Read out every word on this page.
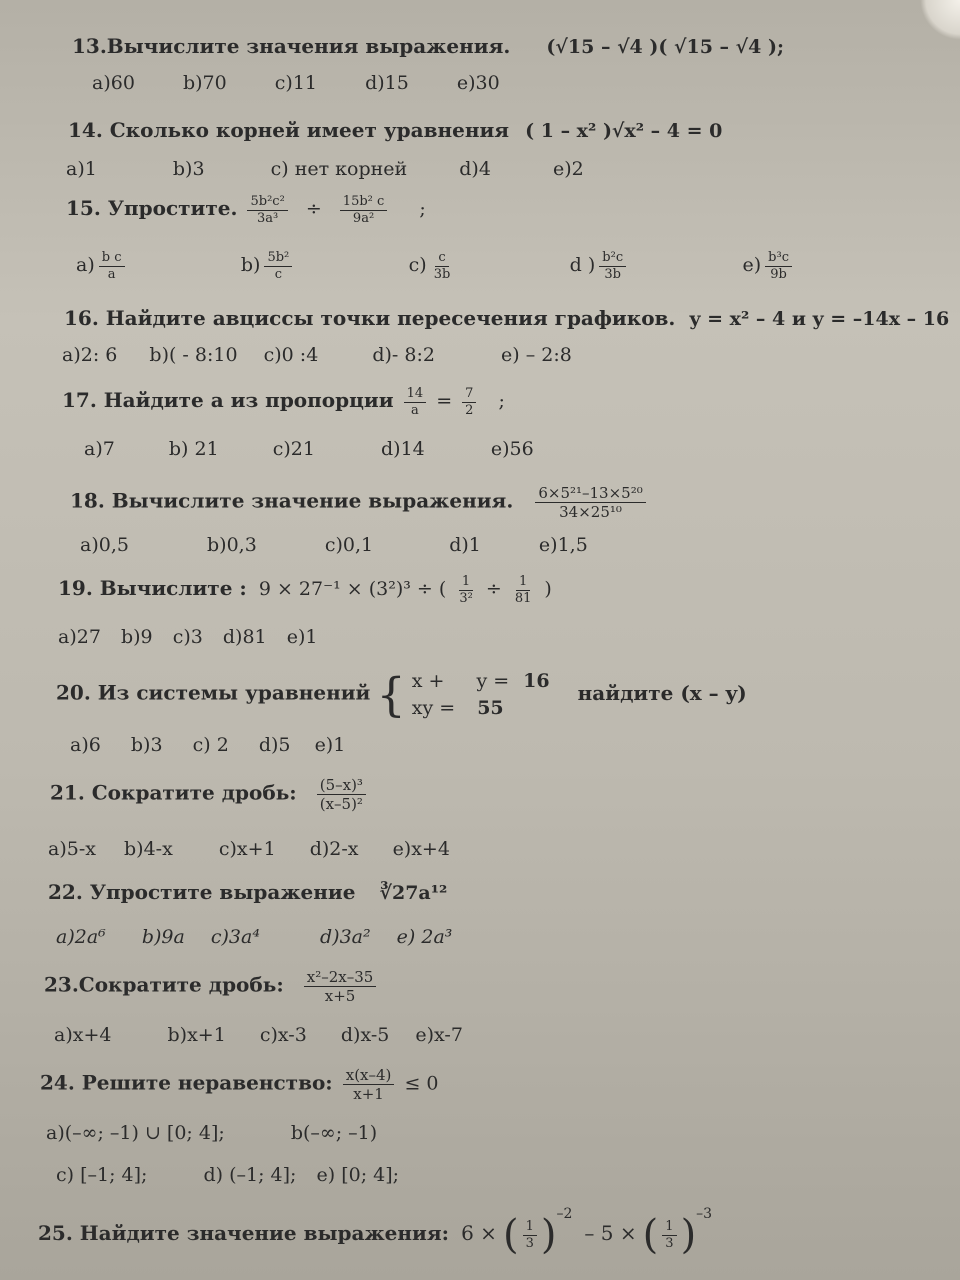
13.Вычислите значения выражения. (√15 – √4 )( √15 – √4 );
a)60	b)70	c)11	d)15	e)30
14. Сколько корней имеет уравнения ( 1 – x² )√x² – 4 = 0
a)1	b)3	c) нет корней	d)4	e)2
15. Упростите. $\frac{\text{5b²c²}}{\text{3a³}} \div \frac{\text{15b² c}}{\text{9a²}}$ ;
$a) \frac{\text{b c}}{a}$	$b) \frac{\text{5b²}}{c}$	$c) \frac{c}{3b}$	d ) $\frac{\text{b²c}}{3b}$	$e) \frac{\text{b³c}}{9b}$
16. Найдите авциссы точки пересечения графиков. y = x² – 4 и y = –14x – 16
a)2: 6 b)( - 8:10 c)0 :4	d)- 8:2	e) – 2:8
17. Найдите a из пропорции $\frac{14}{a} = \frac{7}{2}$ ;
a)7	b) 21	c)21	d)14	e)56
18. Вычислите значение выражения. $\frac{\text{6×5²¹–13×5²⁰}}{\text{34×25¹⁰}}$
a)0,5	b)0,3	c)0,1	d)1	e)1,5
19. Вычислите : 9 × 27⁻¹ × (3²)³ ÷ ( $\frac{1}{\text{3²}} \div \frac{1}{81}$ )
a)27 b)9 c)3 d)81 e)1
20. Из системы уравнений { x + y = 16
xy = 55
найдите (x – y)
a)6 b)3 c) 2 d)5 e)1
21. Сократите дробь: $\frac{\text{(5–x)³}}{\text{(x–5)²}}$
a)5-x b)4-x c)x+1 d)2-x e)x+4
22. Упростите выражение ∛27a¹²
a)2a⁶ b)9a c)3a⁴	d)3a² e) 2a³
23.Сократите дробь: $\frac{\text{x²–2x–35}}{x+5}$
a)x+4	b)x+1 c)x-3 d)x-5 e)x-7
24. Решите неравенство: $\frac{x(x-4)}{x+1} \le 0$
a)(–∞; –1) ∪ [0; 4];	b(–∞; –1)
c) [–1; 4];	d) (–1; 4]; e) [0; 4];
25. Найдите значение выражения: 6 × ( $\frac{1}{3} )^{-2} - 5$ × ( $\frac{1}{3} )^{-3}$
